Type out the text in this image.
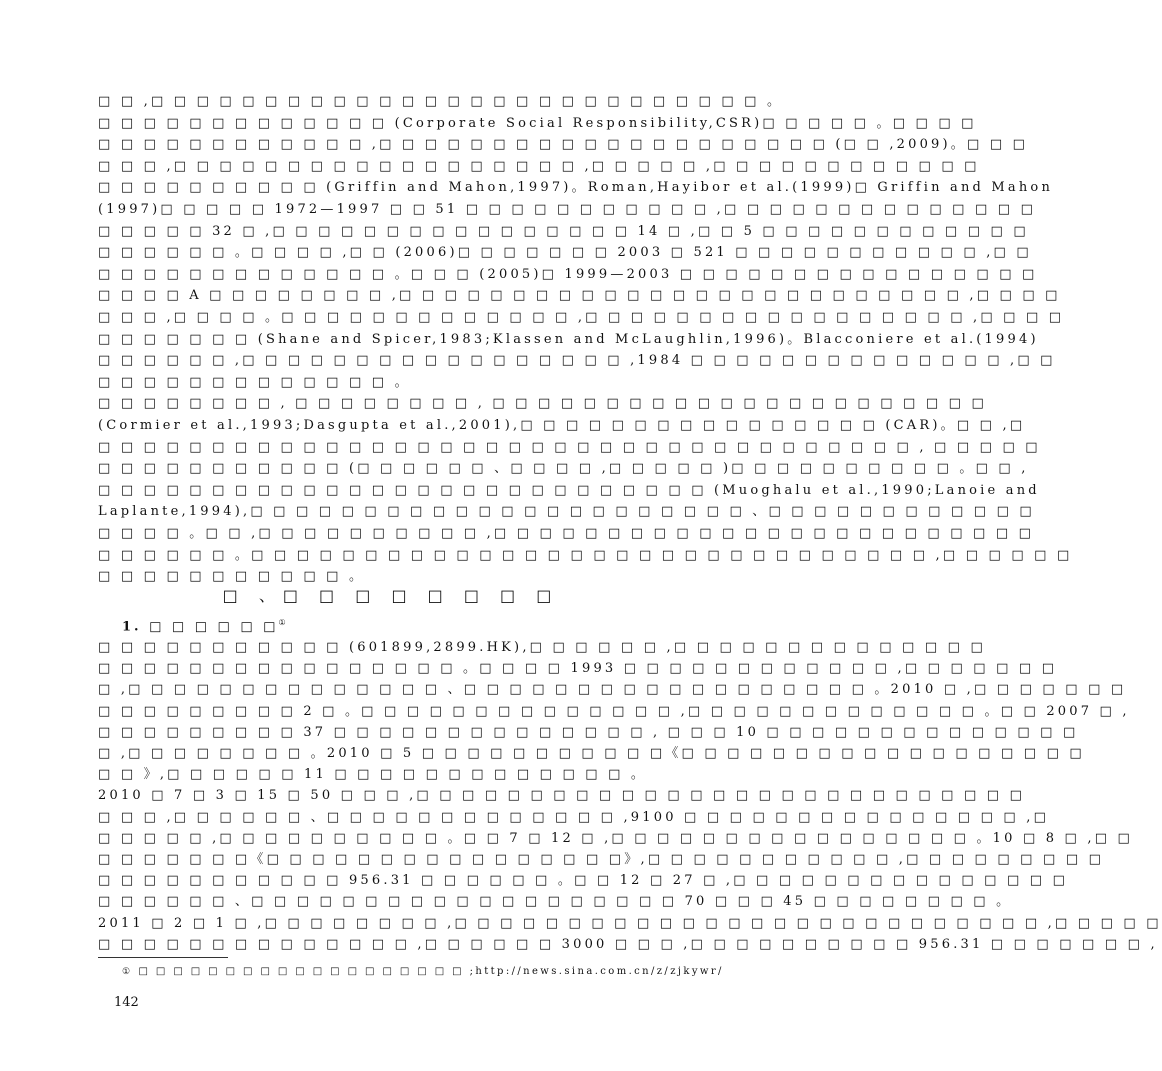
□ □ ,□ □ □ □ □ □ □ □ □ □ □ □ □ □ □ □ □ □ □ □ □ □ □ □ □ □ □ 。
□ □ □ □ □ □ □ □ □ □ □ □ □ (Corporate Social Responsibility,CSR)□ □ □ □ □ 。□ □ □ □
□ □ □ □ □ □ □ □ □ □ □ □ ,□ □ □ □ □ □ □ □ □ □ □ □ □ □ □ □ □ □ □ □ (□ □ ,2009)。□ □ □
□ □ □ ,□ □ □ □ □ □ □ □ □ □ □ □ □ □ □ □ □ □ ,□ □ □ □ □ ,□ □ □ □ □ □ □ □ □ □ □ □
□ □ □ □ □ □ □ □ □ □ (Griffin and Mahon,1997)。Roman,Hayibor et al.(1999)□ Griffin and Mahon
(1997)□ □ □ □ □ 1972—1997 □ □ 51 □ □ □ □ □ □ □ □ □ □ □ ,□ □ □ □ □ □ □ □ □ □ □ □ □ □
□ □ □ □ □ 32 □ ,□ □ □ □ □ □ □ □ □ □ □ □ □ □ □ □ 14 □ ,□ □ 5 □ □ □ □ □ □ □ □ □ □ □ □
□ □ □ □ □ □ 。□ □ □ □ ,□ □ (2006)□ □ □ □ □ □ □ 2003 □ 521 □ □ □ □ □ □ □ □ □ □ □ ,□ □
□ □ □ □ □ □ □ □ □ □ □ □ □ 。□ □ □ (2005)□ 1999—2003 □ □ □ □ □ □ □ □ □ □ □ □ □ □ □ □
□ □ □ □ A □ □ □ □ □ □ □ □ ,□ □ □ □ □ □ □ □ □ □ □ □ □ □ □ □ □ □ □ □ □ □ □ □ □ ,□ □ □ □
□ □ □ ,□ □ □ □ 。□ □ □ □ □ □ □ □ □ □ □ □ □ ,□ □ □ □ □ □ □ □ □ □ □ □ □ □ □ □ □ ,□ □ □ □
□ □ □ □ □ □ □ (Shane and Spicer,1983;Klassen and McLaughlin,1996)。Blacconiere et al.(1994)
□ □ □ □ □ □ ,□ □ □ □ □ □ □ □ □ □ □ □ □ □ □ □ □ ,1984 □ □ □ □ □ □ □ □ □ □ □ □ □ □ ,□ □
□ □ □ □ □ □ □ □ □ □ □ □ □ 。
□ □ □ □ □ □ □ □ , □ □ □ □ □ □ □ □ , □ □ □ □ □ □ □ □ □ □ □ □ □ □ □ □ □ □ □ □ □ □
(Cormier et al.,1993;Dasgupta et al.,2001),□ □ □ □ □ □ □ □ □ □ □ □ □ □ □ □ (CAR)。□ □ ,□
□ □ □ □ □ □ □ □ □ □ □ □ □ □ □ □ □ □ □ □ □ □ □ □ □ □ □ □ □ □ □ □ □ □ □ □ , □ □ □ □ □
□ □ □ □ □ □ □ □ □ □ □ (□ □ □ □ □ □ 、□ □ □ □ ,□ □ □ □ □ )□ □ □ □ □ □ □ □ □ □ 。□ □ ,
□ □ □ □ □ □ □ □ □ □ □ □ □ □ □ □ □ □ □ □ □ □ □ □ □ □ □ (Muoghalu et al.,1990;Lanoie and
Laplante,1994),□ □ □ □ □ □ □ □ □ □ □ □ □ □ □ □ □ □ □ □ □ □ 、□ □ □ □ □ □ □ □ □ □ □ □
□ □ □ □ 。□ □ ,□ □ □ □ □ □ □ □ □ □ ,□ □ □ □ □ □ □ □ □ □ □ □ □ □ □ □ □ □ □ □ □ □ □ □
□ □ □ □ □ □ 。□ □ □ □ □ □ □ □ □ □ □ □ □ □ □ □ □ □ □ □ □ □ □ □ □ □ □ □ □ □ ,□ □ □ □ □ □
□ □ □ □ □ □ □ □ □ □ □ 。
□ 、□ □ □ □ □ □ □ □
1. □ □ □ □ □ □①
□ □ □ □ □ □ □ □ □ □ □ (601899,2899.HK),□ □ □ □ □ □ ,□ □ □ □ □ □ □ □ □ □ □ □ □ □
□ □ □ □ □ □ □ □ □ □ □ □ □ □ □ □ 。□ □ □ □ 1993 □ □ □ □ □ □ □ □ □ □ □ □ ,□ □ □ □ □ □ □
□ ,□ □ □ □ □ □ □ □ □ □ □ □ □ □ 、□ □ □ □ □ □ □ □ □ □ □ □ □ □ □ □ □ □ 。2010 □ ,□ □ □ □ □ □ □
□ □ □ □ □ □ □ □ □ 2 □ 。□ □ □ □ □ □ □ □ □ □ □ □ □ □ ,□ □ □ □ □ □ □ □ □ □ □ □ □ 。□ □ 2007 □ ,
□ □ □ □ □ □ □ □ □ 37 □ □ □ □ □ □ □ □ □ □ □ □ □ □ , □ □ □ 10 □ □ □ □ □ □ □ □ □ □ □ □ □ □
□ ,□ □ □ □ □ □ □ □ 。2010 □ 5 □ □ □ □ □ □ □ □ □ □ □《□ □ □ □ □ □ □ □ □ □ □ □ □ □ □ □ □ □
□ □ 》,□ □ □ □ □ □ 11 □ □ □ □ □ □ □ □ □ □ □ □ □ 。
2010 □ 7 □ 3 □ 15 □ 50 □ □ □ ,□ □ □ □ □ □ □ □ □ □ □ □ □ □ □ □ □ □ □ □ □ □ □ □ □ □ □
□ □ □ ,□ □ □ □ □ □ 、□ □ □ □ □ □ □ □ □ □ □ □ □ ,9100 □ □ □ □ □ □ □ □ □ □ □ □ □ □ □ ,□
□ □ □ □ □ ,□ □ □ □ □ □ □ □ □ □ 。□ □ 7 □ 12 □ ,□ □ □ □ □ □ □ □ □ □ □ □ □ □ □ □ 。10 □ 8 □ ,□ □
□ □ □ □ □ □ □《□ □ □ □ □ □ □ □ □ □ □ □ □ □ □ □》,□ □ □ □ □ □ □ □ □ □ □ ,□ □ □ □ □ □ □ □ □
□ □ □ □ □ □ □ □ □ □ □ 956.31 □ □ □ □ □ □ 。□ □ 12 □ 27 □ ,□ □ □ □ □ □ □ □ □ □ □ □ □ □ □
□ □ □ □ □ □ 、□ □ □ □ □ □ □ □ □ □ □ □ □ □ □ □ □ □ □ 70 □ □ □ 45 □ □ □ □ □ □ □ □ 。
2011 □ 2 □ 1 □ ,□ □ □ □ □ □ □ □ ,□ □ □ □ □ □ □ □ □ □ □ □ □ □ □ □ □ □ □ □ □ □ □ □ □ □ ,□ □ □ □ □
□ □ □ □ □ □ □ □ □ □ □ □ □ □ ,□ □ □ □ □ □ 3000 □ □ □ ,□ □ □ □ □ □ □ □ □ □ 956.31 □ □ □ □ □ □ □ ,
① □ □ □ □ □ □ □ □ □ □ □ □ □ □ □ □ □ □ □ ;http://news.sina.com.cn/z/zjkywr/
142
